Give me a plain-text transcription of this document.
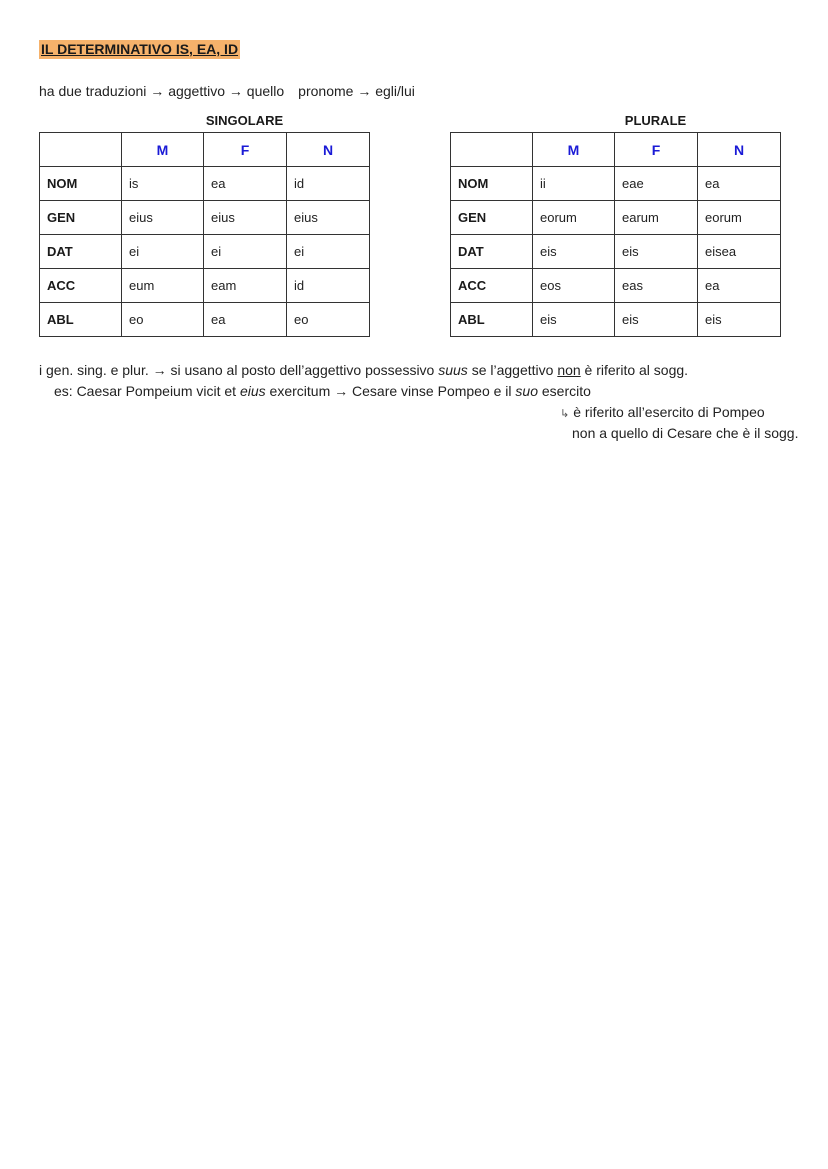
IL DETERMINATIVO IS, EA, ID
ha due traduzioni → aggettivo → quello pronome → egli/lui
SINGOLARE
	M	F	N
NOM	is	ea	id
GEN	eius	eius	eius
DAT	ei	ei	ei
ACC	eum	eam	id
ABL	eo	ea	eo
PLURALE
	M	F	N
NOM	ii	eae	ea
GEN	eorum	earum	eorum
DAT	eis	eis	eisea
ACC	eos	eas	ea
ABL	eis	eis	eis
i gen. sing. e plur. → si usano al posto dell’aggettivo possessivo suus se l’aggettivo non è riferito al sogg.
es: Caesar Pompeium vicit et eius exercitum → Cesare vinse Pompeo e il suo esercito
↳ è riferito all’esercito di Pompeo
non a quello di Cesare che è il sogg.
